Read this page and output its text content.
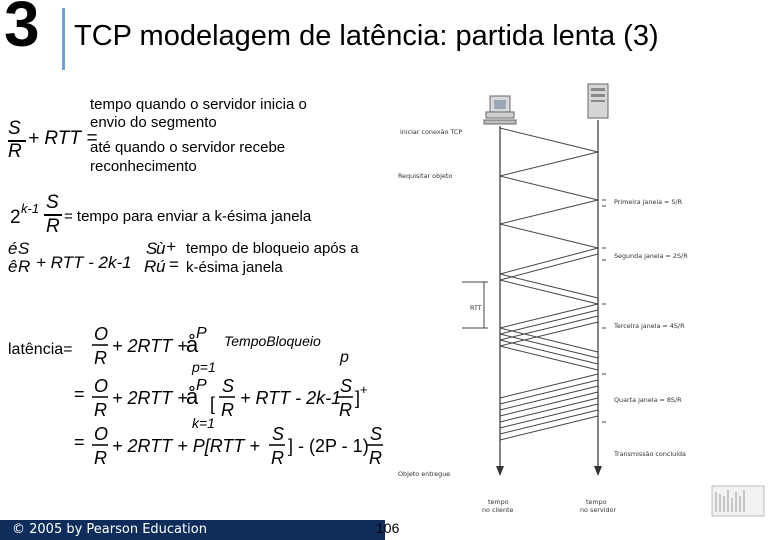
3 TCP modelagem de latência: partida lenta (3)
S
R
+ RTT =
tempo quando o servidor inicia o
envio do segmento
até quando o servidor recebe
reconhecimento
2 k-1 S
R = tempo para enviar a k-ésima janela
é S
ê R + RTT - 2k-1
S
ù
R ú
+
=
tempo de bloqueio após a
k-ésima janela
latência=
O
R
+ 2RTT +
å
P TempoBloqueio
p
p=1
= O
R
+ 2RTT +
å
P
[
S
R
+ RTT - 2k-1
S
R
] +
k=1
= O
R
+ 2RTT + P[RTT +
S
R
] - (2P - 1)
S
R
iniciar conexão TCP
Requisitar objeto
Primeira janela = S/R
Segunda janela = 2S/R
Terceira janela = 4S/R
Quarta janela = 8S/R
Transmissão concluída
Objeto entregue
RTT
tempo
no cliente
tempo
no servidor
© 2005 by Pearson Education	106
